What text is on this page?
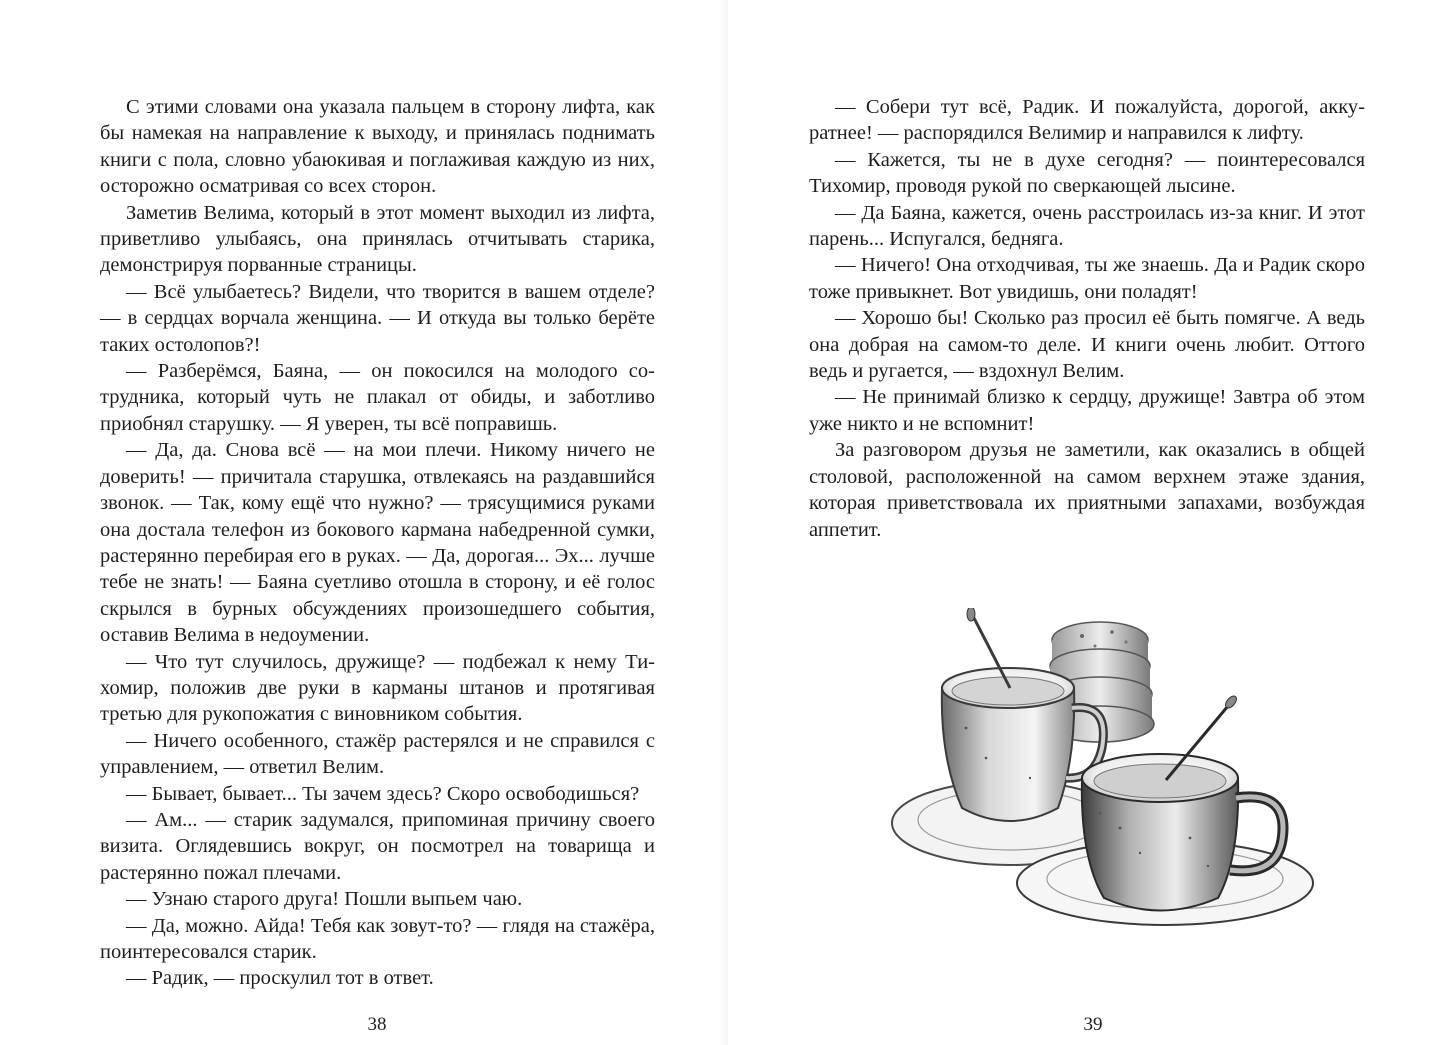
С этими словами она указала пальцем в сторону лифта, как бы намекая на направление к выходу, и принялась поднимать книги с пола, словно убаюкивая и поглаживая каждую из них, осторожно осматривая со всех сторон.

Заметив Велима, который в этот момент выходил из лифта, приветливо улыбаясь, она принялась отчитывать старика, демонстрируя порванные страницы.

— Всё улыбаетесь? Видели, что творится в вашем отделе? — в сердцах ворчала женщина. — И откуда вы только берёте таких остолопов?!

— Разберёмся, Баяна, — он покосился на молодого сотрудника, который чуть не плакал от обиды, и заботливо приобнял старушку. — Я уверен, ты всё поправишь.

— Да, да. Снова всё — на мои плечи. Никому ничего не доверить! — причитала старушка, отвлекаясь на раздавшийся звонок. — Так, кому ещё что нужно? — трясущимися руками она достала телефон из бокового кармана набедренной сумки, растерянно перебирая его в руках. — Да, дорогая... Эх... лучше тебе не знать! — Баяна суетливо отошла в сторону, и её голос скрылся в бурных обсуждениях произошедшего события, оставив Велима в недоумении.

— Что тут случилось, дружище? — подбежал к нему Тихомир, положив две руки в карманы штанов и протягивая третью для рукопожатия с виновником события.

— Ничего особенного, стажёр растерялся и не справился с управлением, — ответил Велим.

— Бывает, бывает... Ты зачем здесь? Скоро освободишься?

— Ам... — старик задумался, припоминая причину своего визита. Оглядевшись вокруг, он посмотрел на товарища и растерянно пожал плечами.

— Узнаю старого друга! Пошли выпьем чаю.

— Да, можно. Айда! Тебя как зовут-то? — глядя на стажёра, поинтересовался старик.

— Радик, — проскулил тот в ответ.

38

— Собери тут всё, Радик. И пожалуйста, дорогой, аккуратнее! — распорядился Велимир и направился к лифту.

— Кажется, ты не в духе сегодня? — поинтересовался Тихомир, проводя рукой по сверкающей лысине.

— Да Баяна, кажется, очень расстроилась из-за книг. И этот парень... Испугался, бедняга.

— Ничего! Она отходчивая, ты же знаешь. Да и Радик скоро тоже привыкнет. Вот увидишь, они поладят!

— Хорошо бы! Сколько раз просил её быть помягче. А ведь она добрая на самом-то деле. И книги очень любит. Оттого ведь и ругается, — вздохнул Велим.

— Не принимай близко к сердцу, дружище! Завтра об этом уже никто и не вспомнит!

За разговором друзья не заметили, как оказались в общей столовой, расположенной на самом верхнем этаже здания, которая приветствовала их приятными запахами, возбуждая аппетит.

39
